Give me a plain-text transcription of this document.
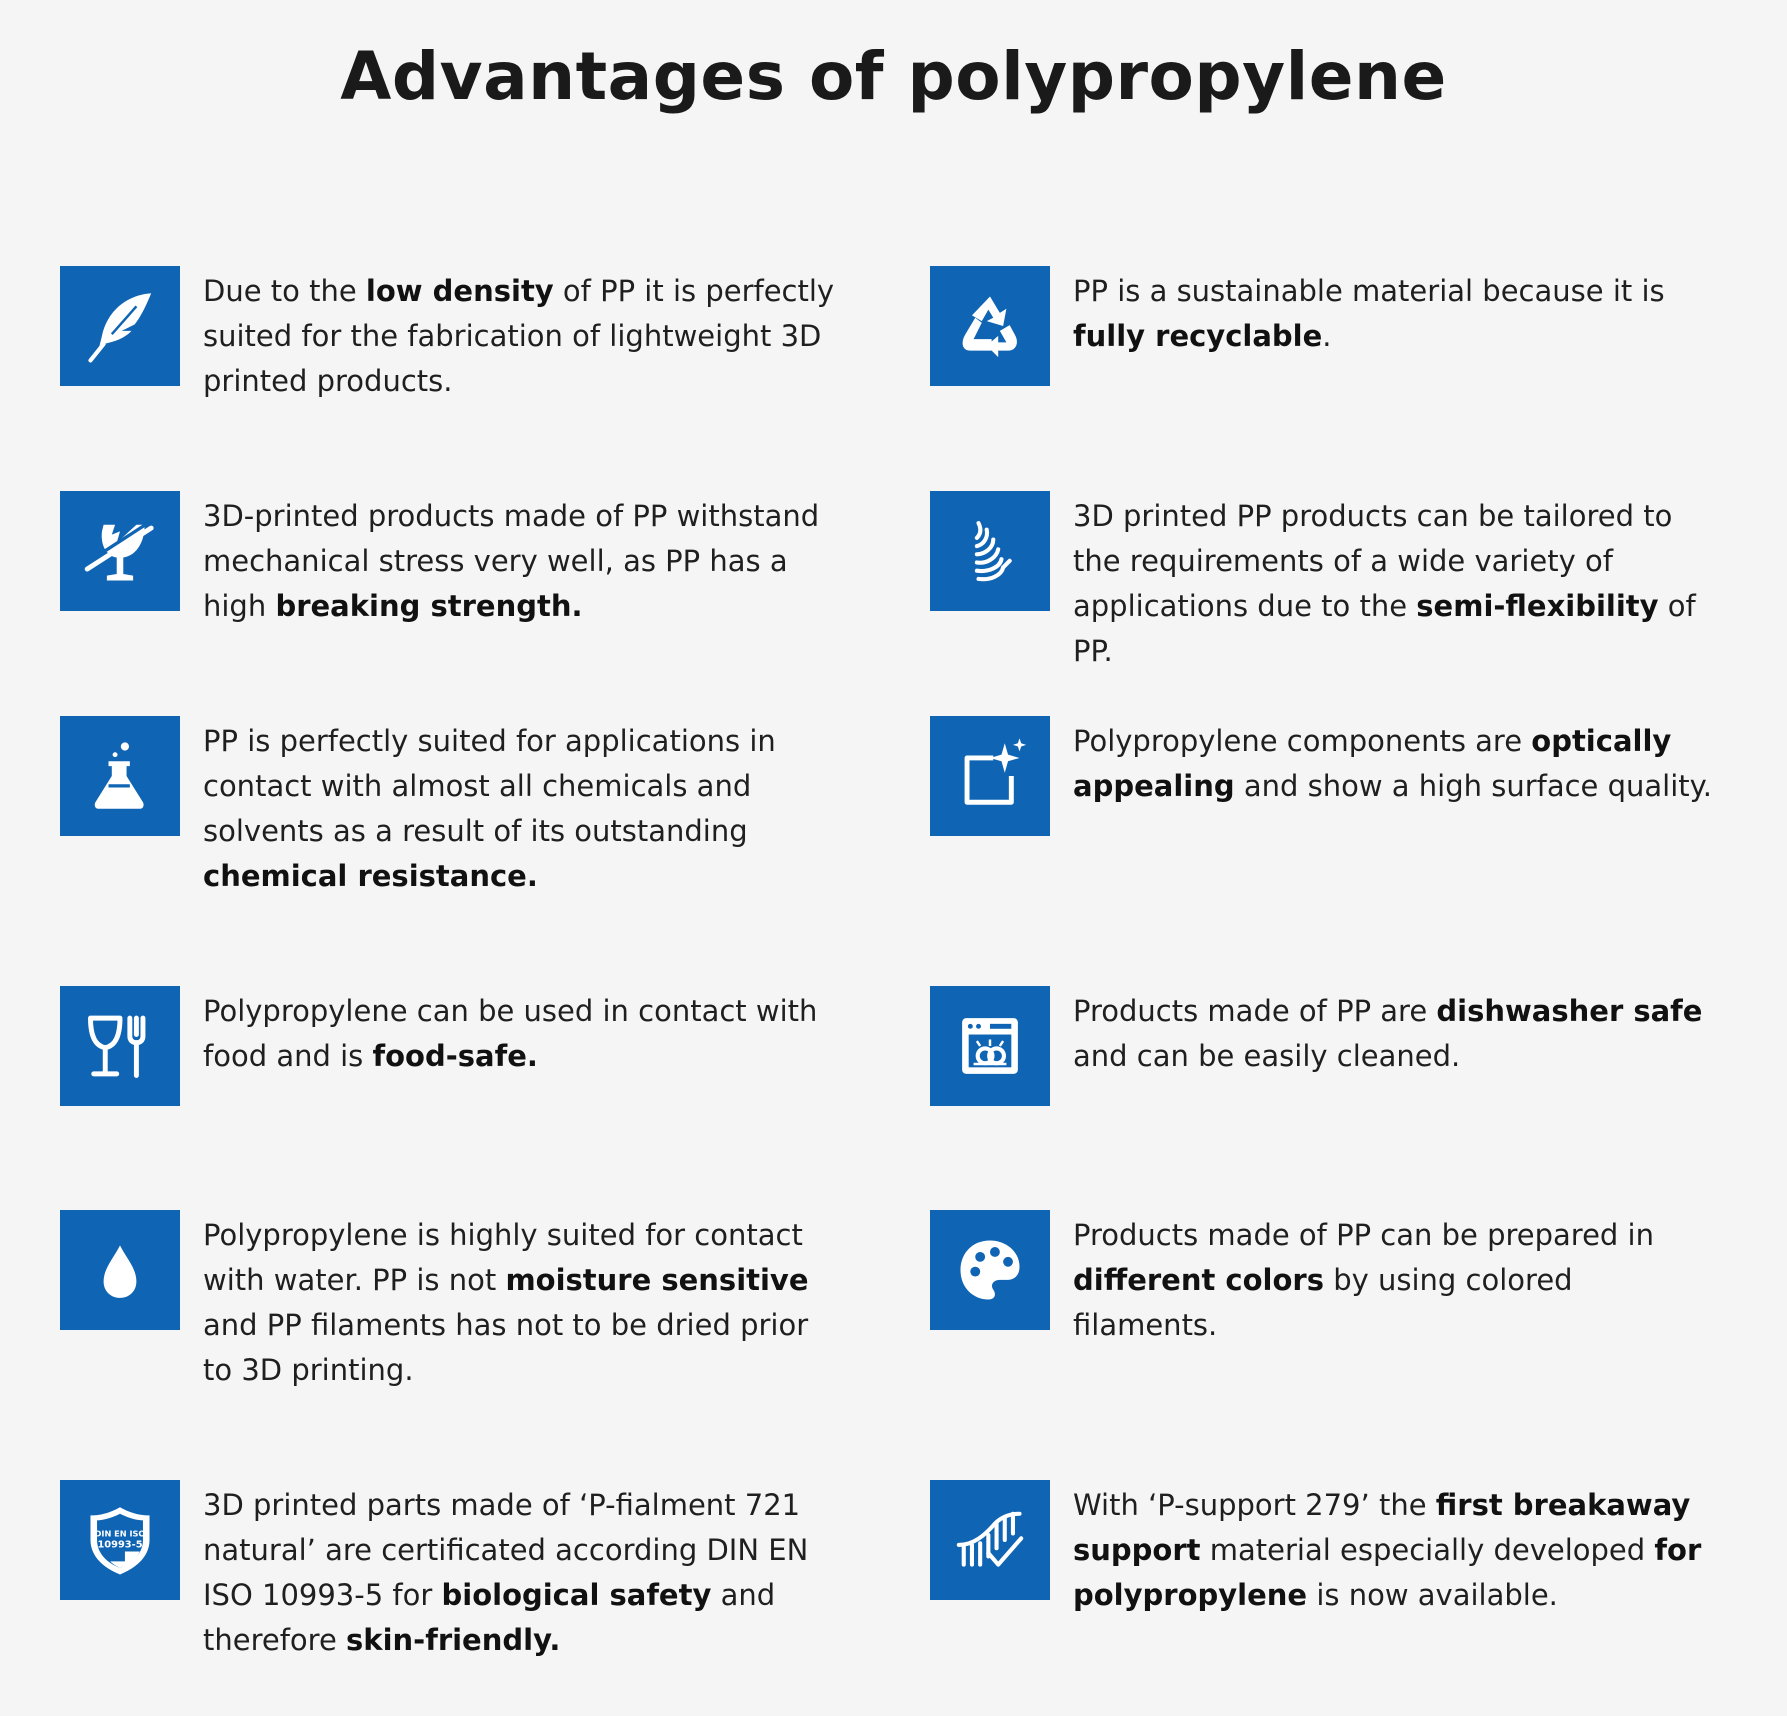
Advantages of polypropylene

Due to the low density of PP it is perfectly suited for the fabrication of lightweight 3D printed products.

PP is a sustainable material because it is fully recyclable.

3D-printed products made of PP withstand mechanical stress very well, as PP has a high breaking strength.

3D printed PP products can be tailored to the requirements of a wide variety of applications due to the semi-flexibility of PP.

PP is perfectly suited for applications in contact with almost all chemicals and solvents as a result of its outstanding chemical resistance.

Polypropylene components are optically appealing and show a high surface quality.

Polypropylene can be used in contact with food and is food-safe.

Products made of PP are dishwasher safe and can be easily cleaned.

Polypropylene is highly suited for contact with water. PP is not moisture sensitive and PP filaments has not to be dried prior to 3D printing.

Products made of PP can be prepared in different colors by using colored filaments.

DIN EN ISO
10993-5

3D printed parts made of ‘P-fialment 721 natural’ are certificated according DIN EN ISO 10993-5 for biological safety and therefore skin-friendly.

With ‘P-support 279’ the first breakaway support material especially developed for polypropylene is now available.
